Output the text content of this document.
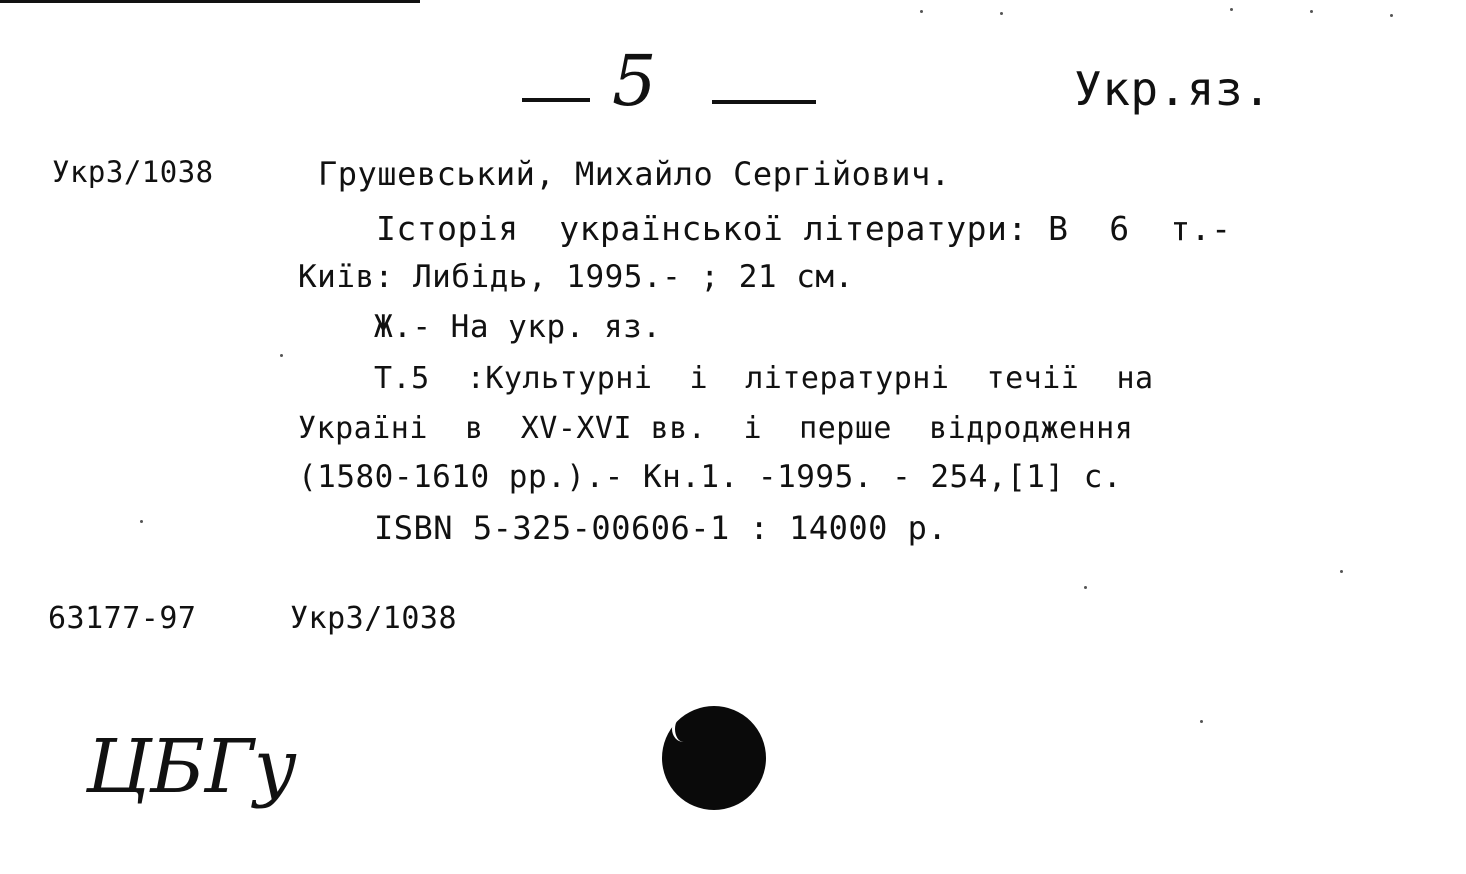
5	Укр.яз.
Укр3/1038	Грушевський, Михайло Сергійович.
Історія  української літератури: В  6  т.-
Київ: Либідь, 1995.- ; 21 см.
Ж.- На укр. яз.
Т.5  :Культурні  і  літературні  течії  на
Україні  в  XV-XVI вв.  і  перше  відродження
(1580-1610 рр.).- Кн.1. -1995. - 254,[1] с.
ISBN 5-325-00606-1 : 14000 р.
63177-97	Укр3/1038
ЦБГу
